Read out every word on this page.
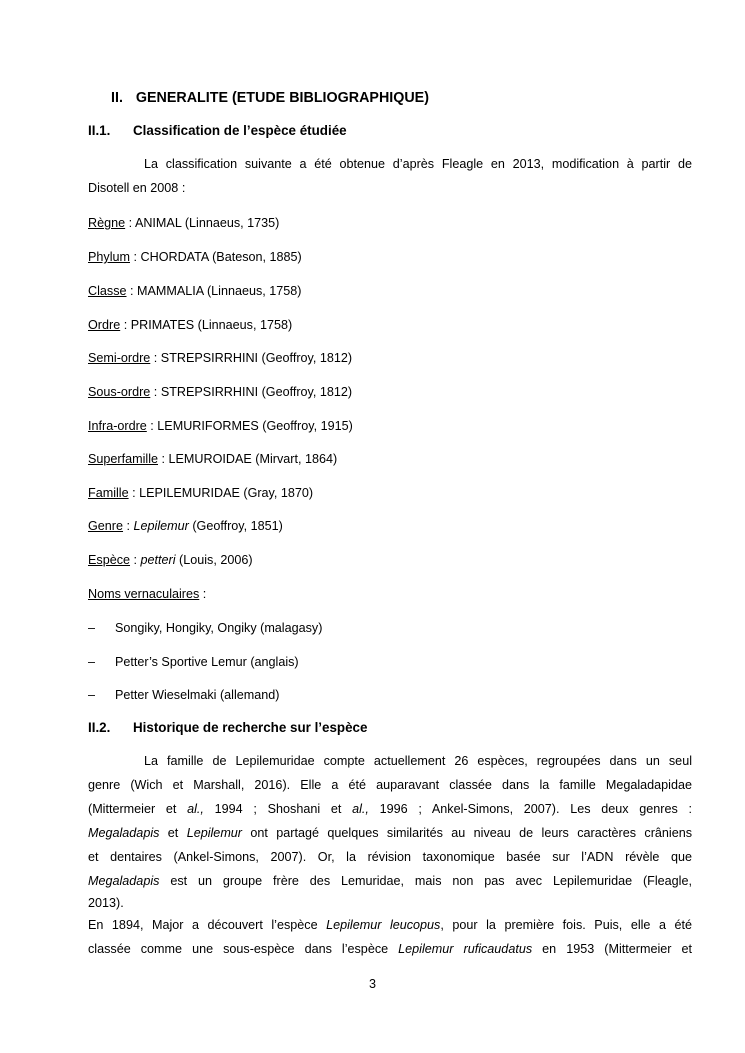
II. GENERALITE (ETUDE BIBLIOGRAPHIQUE)
II.1. Classification de l’espèce étudiée
La classification suivante a été obtenue d’après Fleagle en 2013, modification à partir de
Disotell en 2008 :
Règne : ANIMAL (Linnaeus, 1735)
Phylum : CHORDATA (Bateson, 1885)
Classe : MAMMALIA (Linnaeus, 1758)
Ordre : PRIMATES (Linnaeus, 1758)
Semi-ordre : STREPSIRRHINI (Geoffroy, 1812)
Sous-ordre : STREPSIRRHINI (Geoffroy, 1812)
Infra-ordre : LEMURIFORMES (Geoffroy, 1915)
Superfamille : LEMUROIDAE (Mirvart, 1864)
Famille : LEPILEMURIDAE (Gray, 1870)
Genre : Lepilemur (Geoffroy, 1851)
Espèce : petteri (Louis, 2006)
Noms vernaculaires :
– Songiky, Hongiky, Ongiky (malagasy)
– Petter’s Sportive Lemur (anglais)
– Petter Wieselmaki (allemand)
II.2. Historique de recherche sur l’espèce
La famille de Lepilemuridae compte actuellement 26 espèces, regroupées dans un seul
genre (Wich et Marshall, 2016). Elle a été auparavant classée dans la famille Megaladapidae
(Mittermeier et al., 1994 ; Shoshani et al., 1996 ; Ankel-Simons, 2007). Les deux genres :
Megaladapis et Lepilemur ont partagé quelques similarités au niveau de leurs caractères crâniens
et dentaires (Ankel-Simons, 2007). Or, la révision taxonomique basée sur l’ADN révèle que
Megaladapis est un groupe frère des Lemuridae, mais non pas avec Lepilemuridae (Fleagle,
2013).
En 1894, Major a découvert l’espèce Lepilemur leucopus, pour la première fois. Puis, elle a été
classée comme une sous-espèce dans l’espèce Lepilemur ruficaudatus en 1953 (Mittermeier et
3
